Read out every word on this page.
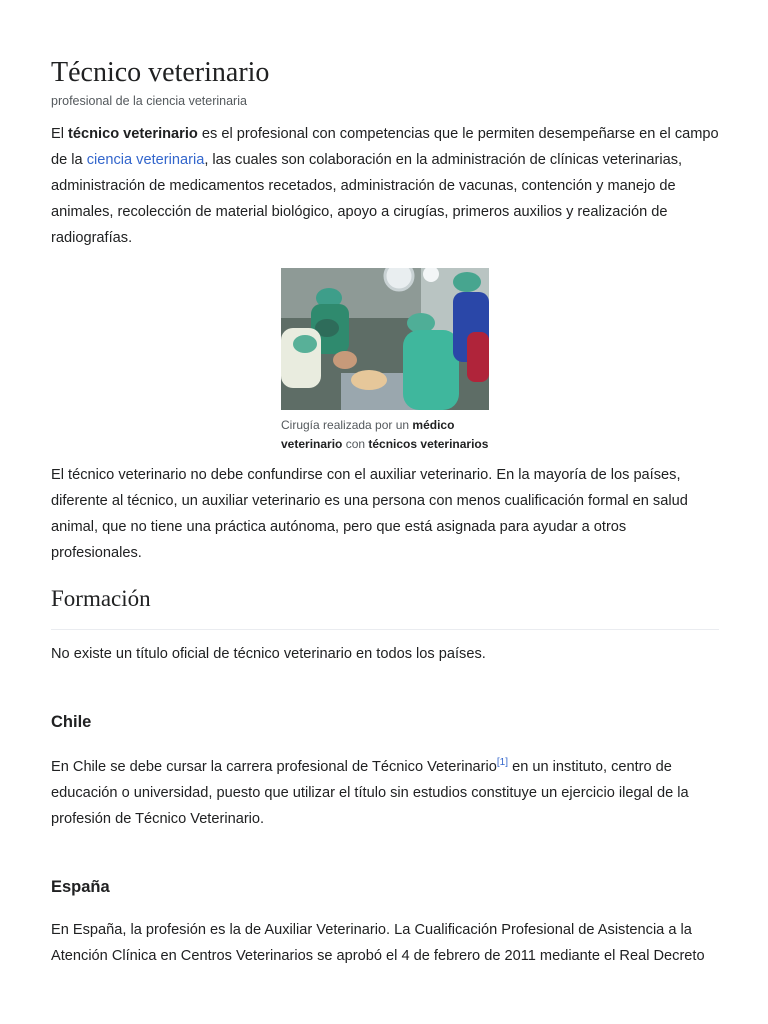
Técnico veterinario
profesional de la ciencia veterinaria

El técnico veterinario es el profesional con competencias que le permiten desempeñarse en el campo de la ciencia veterinaria, las cuales son colaboración en la administración de clínicas veterinarias, administración de medicamentos recetados, administración de vacunas, contención y manejo de animales, recolección de material biológico, apoyo a cirugías, primeros auxilios y realización de radiografías.

Cirugía realizada por un médico veterinario con técnicos veterinarios

El técnico veterinario no debe confundirse con el auxiliar veterinario. En la mayoría de los países, diferente al técnico, un auxiliar veterinario es una persona con menos cualificación formal en salud animal, que no tiene una práctica autónoma, pero que está asignada para ayudar a otros profesionales.

Formación

No existe un título oficial de técnico veterinario en todos los países.

Chile

En Chile se debe cursar la carrera profesional de Técnico Veterinario[1] en un instituto, centro de educación o universidad, puesto que utilizar el título sin estudios constituye un ejercicio ilegal de la profesión de Técnico Veterinario.

España

En España, la profesión es la de Auxiliar Veterinario. La Cualificación Profesional de Asistencia a la Atención Clínica en Centros Veterinarios se aprobó el 4 de febrero de 2011 mediante el Real Decreto
